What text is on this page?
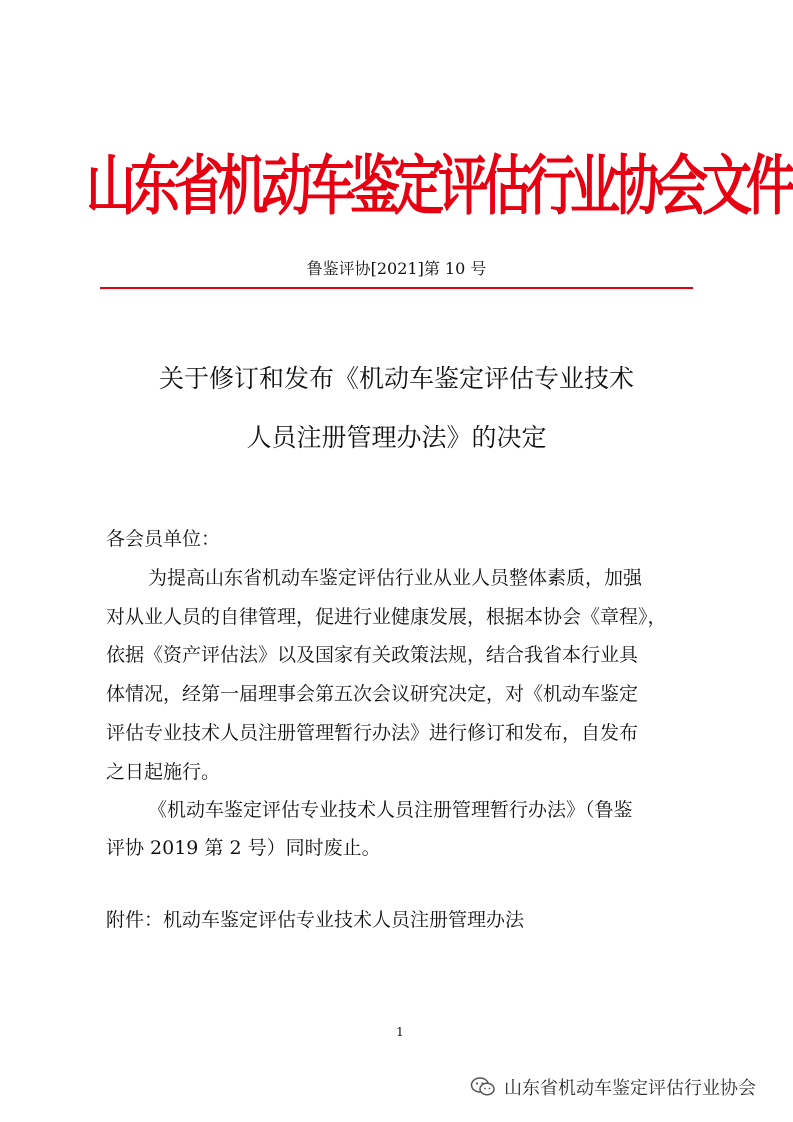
山东省机动车鉴定评估行业协会文件
鲁鉴评协[2021]第 10 号
关于修订和发布《机动车鉴定评估专业技术
人员注册管理办法》的决定
各会员单位：
为提高山东省机动车鉴定评估行业从业人员整体素质，加强
对从业人员的自律管理，促进行业健康发展，根据本协会《章程》，
依据《资产评估法》以及国家有关政策法规，结合我省本行业具
体情况，经第一届理事会第五次会议研究决定，对《机动车鉴定
评估专业技术人员注册管理暂行办法》进行修订和发布，自发布
之日起施行。
《机动车鉴定评估专业技术人员注册管理暂行办法》（鲁鉴
评协 2019 第 2 号）同时废止。
附件：机动车鉴定评估专业技术人员注册管理办法
1
山东省机动车鉴定评估行业协会
